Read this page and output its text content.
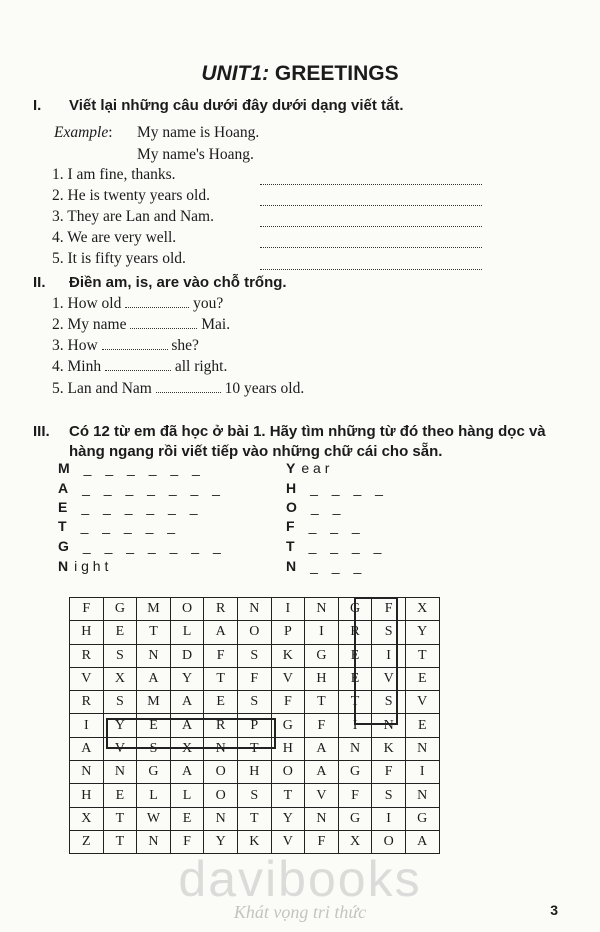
UNIT1: GREETINGS
I. Viết lại những câu dưới đây dưới dạng viết tắt.
Example: My name is Hoang.
My name's Hoang.
1. I am fine, thanks.
2. He is twenty years old.
3. They are Lan and Nam.
4. We are very well.
5. It is fifty years old.
II. Điền am, is, are vào chỗ trống.
1. How old	you?
2. My name	Mai.
3. How	she?
4. Minh	all right.
5. Lan and Nam	10 years old.
III. Có 12 từ em đã học ở bài 1. Hãy tìm những từ đó theo hàng dọc và
hàng ngang rồi viết tiếp vào những chữ cái cho sẵn.
M _ _ _ _ _ _
A _ _ _ _ _ _ _
E _ _ _ _ _ _
T _ _ _ _ _
G _ _ _ _ _ _ _
N i g h t
Y e a r
H _ _ _ _
O _ _
F _ _ _
T _ _ _ _
N _ _ _
F	G	M	O	R	N	I	N	G	F	X
H	E	T	L	A	O	P	I	R	S	Y
R	S	N	D	F	S	K	G	E	I	T
V	X	A	Y	T	F	V	H	E	V	E
R	S	M	A	E	S	F	T	T	S	V
I	Y	E	A	R	P	G	F	I	N	E
A	V	S	X	N	T	H	A	N	K	N
N	N	G	A	O	H	O	A	G	F	I
H	E	L	L	O	S	T	V	F	S	N
X	T	W	E	N	T	Y	N	G	I	G
Z	T	N	F	Y	K	V	F	X	O	A
davibooks
Khát vọng tri thức	3
